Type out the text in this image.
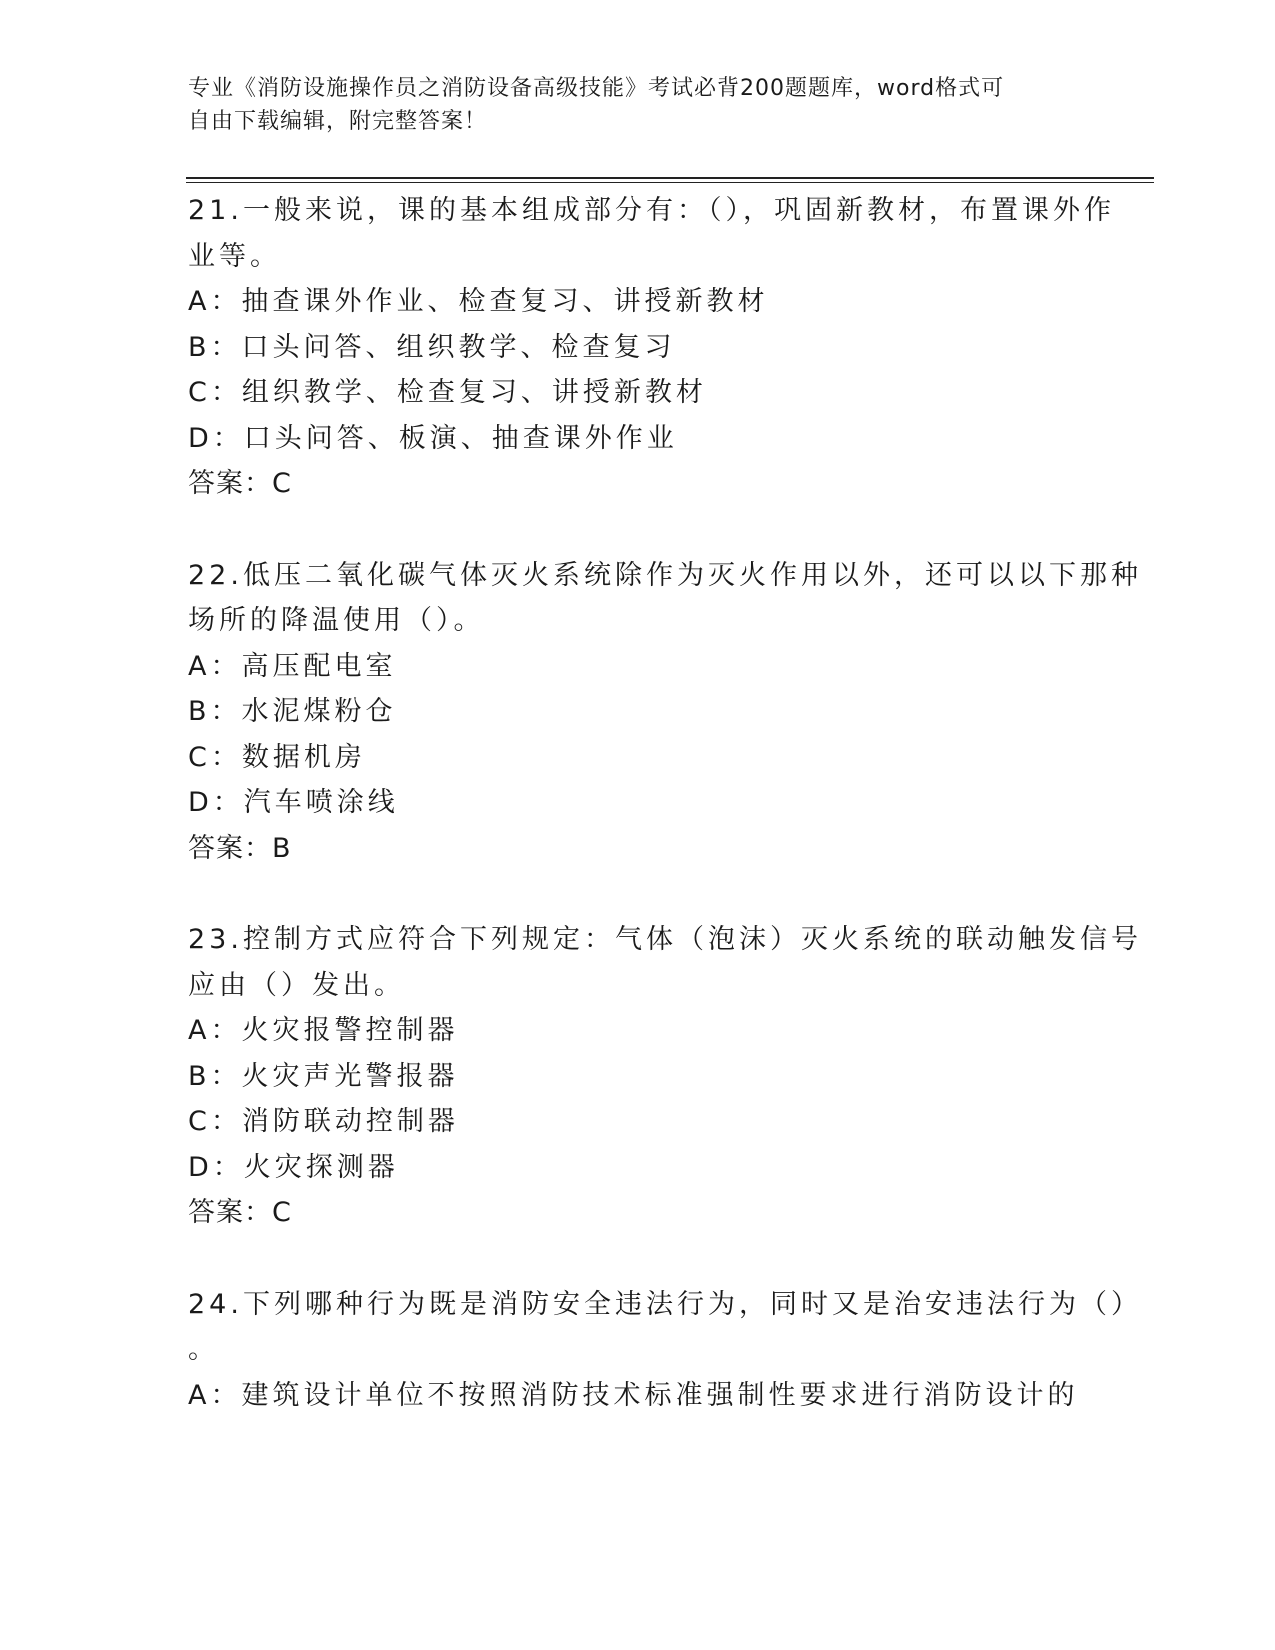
专业《消防设施操作员之消防设备高级技能》考试必背200题题库，word格式可
自由下载编辑，附完整答案！
21.一般来说，课的基本组成部分有：（），巩固新教材，布置课外作
业等。
A：抽查课外作业、检查复习、讲授新教材
B：口头问答、组织教学、检查复习
C：组织教学、检查复习、讲授新教材
D：口头问答、板演、抽查课外作业
答案：C
22.低压二氧化碳气体灭火系统除作为灭火作用以外，还可以以下那种
场所的降温使用（）。
A：高压配电室
B：水泥煤粉仓
C：数据机房
D：汽车喷涂线
答案：B
23.控制方式应符合下列规定：气体（泡沫）灭火系统的联动触发信号
应由（）发出。
A：火灾报警控制器
B：火灾声光警报器
C：消防联动控制器
D：火灾探测器
答案：C
24.下列哪种行为既是消防安全违法行为，同时又是治安违法行为（）
。
A：建筑设计单位不按照消防技术标准强制性要求进行消防设计的
